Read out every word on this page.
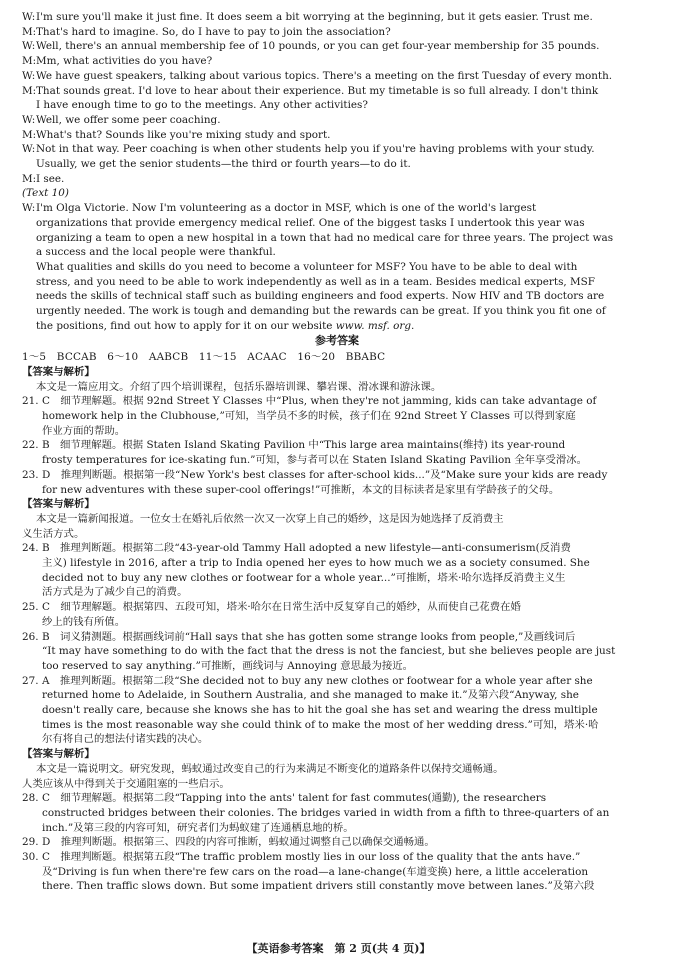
W: I'm sure you'll make it just fine. It does seem a bit worrying at the beginning, but it gets easier. Trust me.
M: That's hard to imagine. So, do I have to pay to join the association?
W: Well, there's an annual membership fee of 10 pounds, or you can get four-year membership for 35 pounds.
M: Mm, what activities do you have?
W: We have guest speakers, talking about various topics. There's a meeting on the first Tuesday of every month.
M: That sounds great. I'd love to hear about their experience. But my timetable is so full already. I don't think
I have enough time to go to the meetings. Any other activities?
W: Well, we offer some peer coaching.
M: What's that? Sounds like you're mixing study and sport.
W: Not in that way. Peer coaching is when other students help you if you're having problems with your study.
Usually, we get the senior students—the third or fourth years—to do it.
M: I see.
(Text 10)
W: I'm Olga Victorie. Now I'm volunteering as a doctor in MSF, which is one of the world's largest
organizations that provide emergency medical relief. One of the biggest tasks I undertook this year was
organizing a team to open a new hospital in a town that had no medical care for three years. The project was
a success and the local people were thankful.
What qualities and skills do you need to become a volunteer for MSF? You have to be able to deal with
stress, and you need to be able to work independently as well as in a team. Besides medical experts, MSF
needs the skills of technical staff such as building engineers and food experts. Now HIV and TB doctors are
urgently needed. The work is tough and demanding but the rewards can be great. If you think you fit one of
the positions, find out how to apply for it on our website www. msf. org.
参考答案
1～5　BCCAB　6～10　AABCB　11～15　ACAAC　16～20　BBABC
【答案与解析】
本文是一篇应用文。介绍了四个培训课程，包括乐器培训课、攀岩课、滑冰课和游泳课。
21. C　细节理解题。根据 92nd Street Y Classes 中“Plus, when they're not jamming, kids can take advantage of
homework help in the Clubhouse,”可知，当学员不多的时候，孩子们在 92nd Street Y Classes 可以得到家庭
作业方面的帮助。
22. B　细节理解题。根据 Staten Island Skating Pavilion 中“This large area maintains(维持) its year-round
frosty temperatures for ice-skating fun.”可知，参与者可以在 Staten Island Skating Pavilion 全年享受滑冰。
23. D　推理判断题。根据第一段“New York's best classes for after-school kids...”及“Make sure your kids are ready
for new adventures with these super-cool offerings!”可推断，本文的目标读者是家里有学龄孩子的父母。
【答案与解析】
本文是一篇新闻报道。一位女士在婚礼后依然一次又一次穿上自己的婚纱，这是因为她选择了反消费主
义生活方式。
24. B　推理判断题。根据第二段“43-year-old Tammy Hall adopted a new lifestyle—anti-consumerism(反消费
主义) lifestyle in 2016, after a trip to India opened her eyes to how much we as a society consumed. She
decided not to buy any new clothes or footwear for a whole year...”可推断，塔米·哈尔选择反消费主义生
活方式是为了减少自己的消费。
25. C　细节理解题。根据第四、五段可知，塔米·哈尔在日常生活中反复穿自己的婚纱，从而使自己花费在婚
纱上的钱有所值。
26. B　词义猜测题。根据画线词前“Hall says that she has gotten some strange looks from people,”及画线词后
“It may have something to do with the fact that the dress is not the fanciest, but she believes people are just
too reserved to say anything.”可推断，画线词与 Annoying 意思最为接近。
27. A　推理判断题。根据第二段“She decided not to buy any new clothes or footwear for a whole year after she
returned home to Adelaide, in Southern Australia, and she managed to make it.”及第六段“Anyway, she
doesn't really care, because she knows she has to hit the goal she has set and wearing the dress multiple
times is the most reasonable way she could think of to make the most of her wedding dress.”可知，塔米·哈
尔有将自己的想法付诸实践的决心。
【答案与解析】
本文是一篇说明文。研究发现，蚂蚁通过改变自己的行为来满足不断变化的道路条件以保持交通畅通。
人类应该从中得到关于交通阻塞的一些启示。
28. C　细节理解题。根据第二段“Tapping into the ants' talent for fast commutes(通勤), the researchers
constructed bridges between their colonies. The bridges varied in width from a fifth to three-quarters of an
inch.”及第三段的内容可知，研究者们为蚂蚁建了连通栖息地的桥。
29. D　推理判断题。根据第三、四段的内容可推断，蚂蚁通过调整自己以确保交通畅通。
30. C　推理判断题。根据第五段“The traffic problem mostly lies in our loss of the quality that the ants have.”
及“Driving is fun when there're few cars on the road—a lane-change(车道变换) here, a little acceleration
there. Then traffic slows down. But some impatient drivers still constantly move between lanes.”及第六段
【英语参考答案　第 2 页(共 4 页)】
